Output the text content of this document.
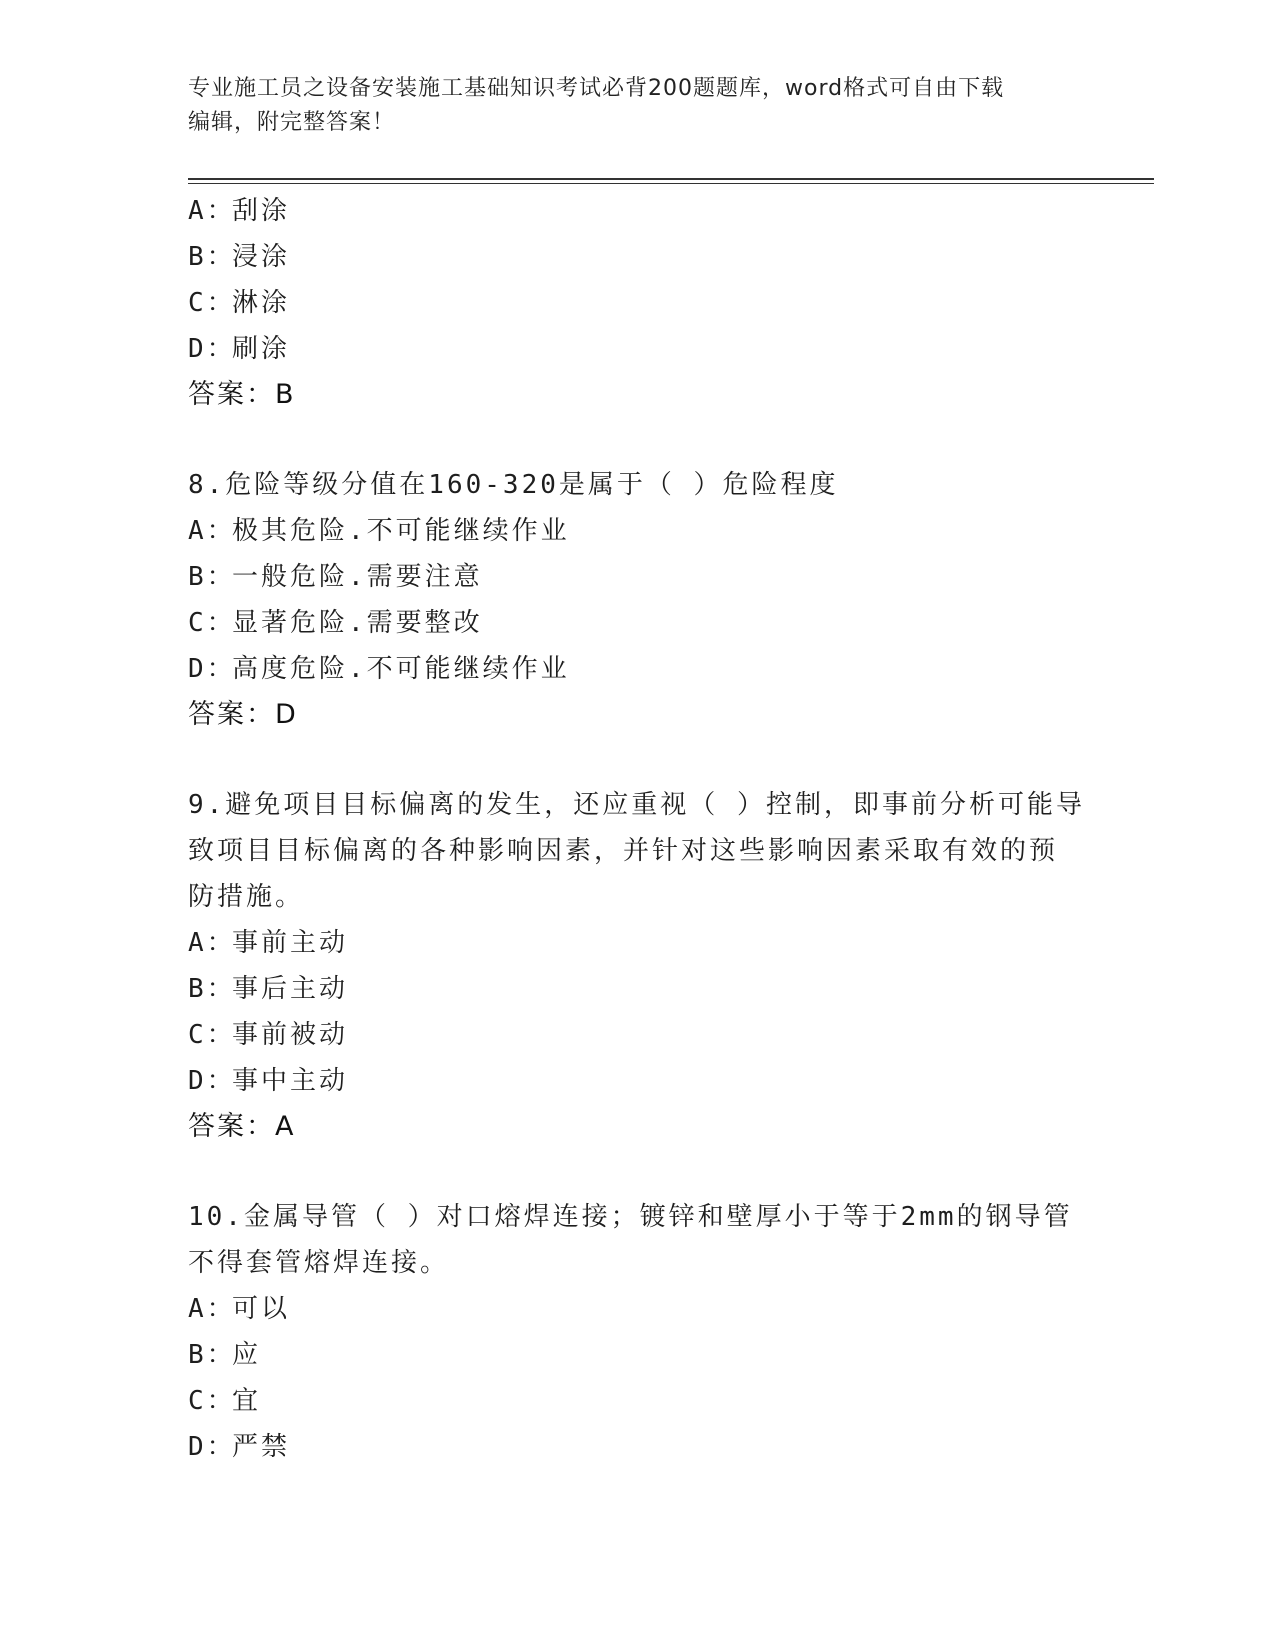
专业施工员之设备安装施工基础知识考试必背200题题库，word格式可自由下载
编辑，附完整答案！
A：刮涂
B：浸涂
C：淋涂
D：刷涂
答案：B
8.危险等级分值在160-320是属于（ ）危险程度
A：极其危险.不可能继续作业
B：一般危险.需要注意
C：显著危险.需要整改
D：高度危险.不可能继续作业
答案：D
9.避免项目目标偏离的发生，还应重视（ ）控制，即事前分析可能导
致项目目标偏离的各种影响因素，并针对这些影响因素采取有效的预
防措施。
A：事前主动
B：事后主动
C：事前被动
D：事中主动
答案：A
10.金属导管（ ）对口熔焊连接；镀锌和壁厚小于等于2mm的钢导管
不得套管熔焊连接。
A：可以
B：应
C：宜
D：严禁
